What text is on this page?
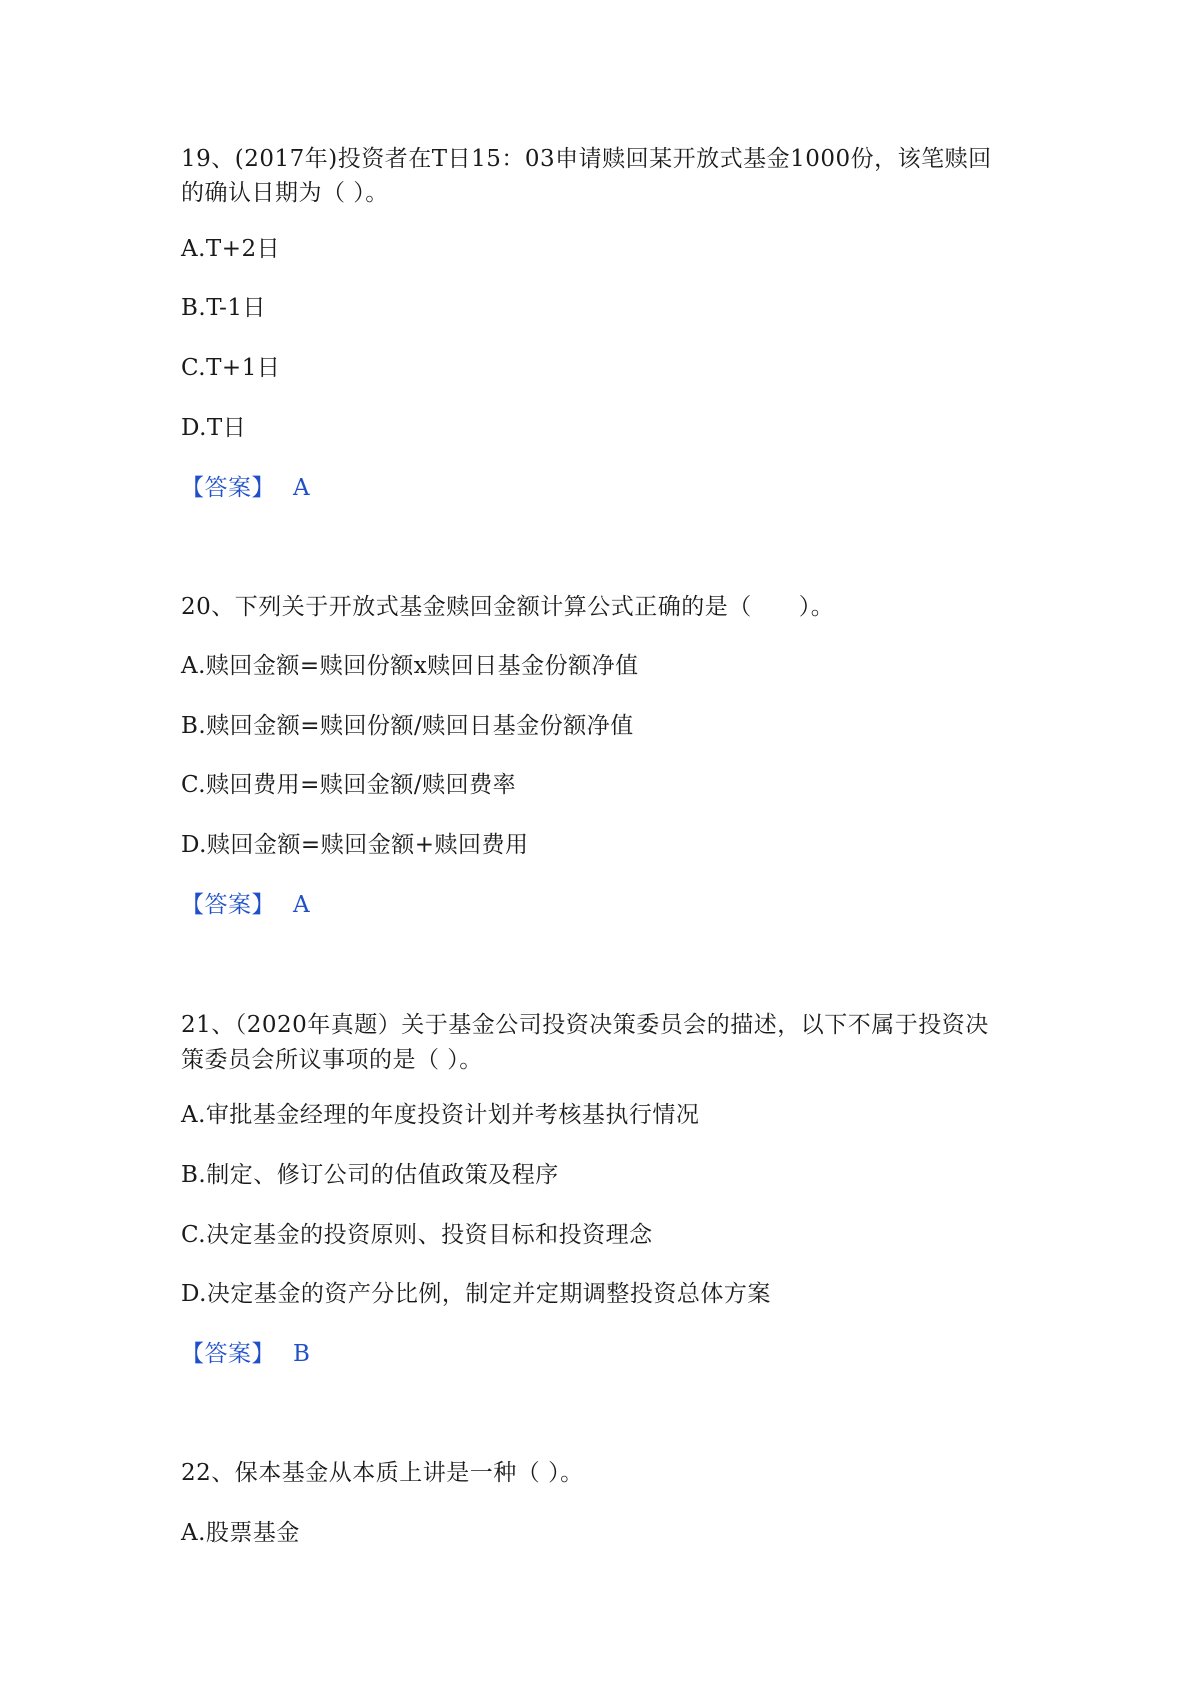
19、(2017年)投资者在T日15：03申请赎回某开放式基金1000份，该笔赎回
的确认日期为（ ）。
A.T+2日
B.T-1日
C.T+1日
D.T日
【答案】 A
20、下列关于开放式基金赎回金额计算公式正确的是（　　）。
A.赎回金额=赎回份额x赎回日基金份额净值
B.赎回金额=赎回份额/赎回日基金份额净值
C.赎回费用=赎回金额/赎回费率
D.赎回金额=赎回金额+赎回费用
【答案】 A
21、（2020年真题）关于基金公司投资决策委员会的描述，以下不属于投资决
策委员会所议事项的是（ ）。
A.审批基金经理的年度投资计划并考核基执行情况
B.制定、修订公司的估值政策及程序
C.决定基金的投资原则、投资目标和投资理念
D.决定基金的资产分比例，制定并定期调整投资总体方案
【答案】 B
22、保本基金从本质上讲是一种（ ）。
A.股票基金
